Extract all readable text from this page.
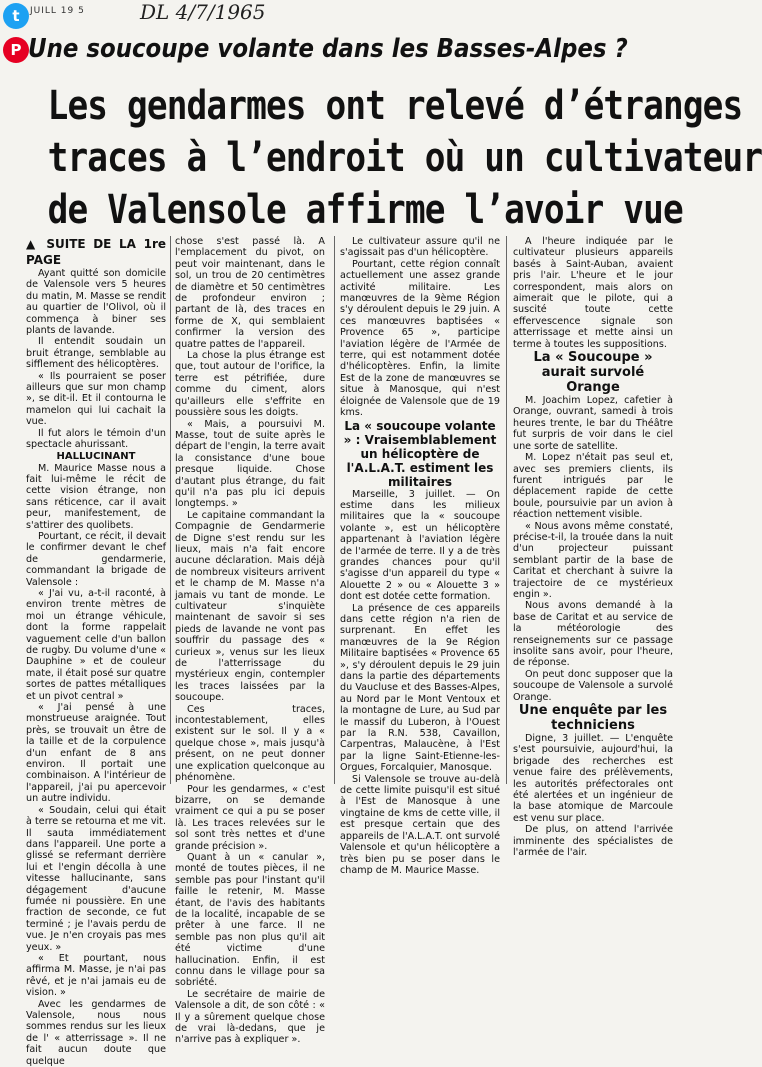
t
P
JUILL 19 5	DL 4/7/1965
Une soucoupe volante dans les Basses-Alpes ?
Les gendarmes ont relevé d’étranges
traces à l’endroit où un cultivateur
de Valensole affirme l’avoir vue

▲ SUITE DE LA 1re PAGE

Ayant quitté son domicile de Valensole vers 5 heures du matin, M. Masse se rendit au quartier de l'Olivol, où il commença à biner ses plants de lavande.

Il entendit soudain un bruit étrange, semblable au sifflement des hélicoptères.

« Ils pourraient se poser ailleurs que sur mon champ », se dit-il. Et il contourna le mamelon qui lui cachait la vue.

Il fut alors le témoin d'un spectacle ahurissant.

HALLUCINANT

M. Maurice Masse nous a fait lui-même le récit de cette vision étrange, non sans réticence, car il avait peur, manifestement, de s'attirer des quolibets.

Pourtant, ce récit, il devait le confirmer devant le chef de gendarmerie, commandant la brigade de Valensole :

« J'ai vu, a-t-il raconté, à environ trente mètres de moi un étrange véhicule, dont la forme rappelait vaguement celle d'un ballon de rugby. Du volume d'une « Dauphine » et de couleur mate, il était posé sur quatre sortes de pattes métalliques et un pivot central »

« J'ai pensé à une monstrueuse araignée. Tout près, se trouvait un être de la taille et de la corpulence d'un enfant de 8 ans environ. Il portait une combinaison. A l'intérieur de l'appareil, j'ai pu apercevoir un autre individu.

« Soudain, celui qui était à terre se retourna et me vit. Il sauta immédiatement dans l'appareil. Une porte a glissé se refermant derrière lui et l'engin décolla à une vitesse hallucinante, sans dégagement d'aucune fumée ni poussière. En une fraction de seconde, ce fut terminé ; je l'avais perdu de vue. Je n'en croyais pas mes yeux. »

« Et pourtant, nous affirma M. Masse, je n'ai pas rêvé, et je n'ai jamais eu de vision. »

Avec les gendarmes de Valensole, nous nous sommes rendus sur les lieux de l' « atterrissage ». Il ne fait aucun doute que quelque

chose s'est passé là. A l'emplacement du pivot, on peut voir maintenant, dans le sol, un trou de 20 centimètres de diamètre et 50 centimètres de profondeur environ ; partant de là, des traces en forme de X, qui semblaient confirmer la version des quatre pattes de l'appareil.

La chose la plus étrange est que, tout autour de l'orifice, la terre est pétrifiée, dure comme du ciment, alors qu'ailleurs elle s'effrite en poussière sous les doigts.

« Mais, a poursuivi M. Masse, tout de suite après le départ de l'engin, la terre avait la consistance d'une boue presque liquide. Chose d'autant plus étrange, du fait qu'il n'a pas plu ici depuis longtemps. »

Le capitaine commandant la Compagnie de Gendarmerie de Digne s'est rendu sur les lieux, mais n'a fait encore aucune déclaration. Mais déjà de nombreux visiteurs arrivent et le champ de M. Masse n'a jamais vu tant de monde. Le cultivateur s'inquiète maintenant de savoir si ses pieds de lavande ne vont pas souffrir du passage des « curieux », venus sur les lieux de l'atterrissage du mystérieux engin, contempler les traces laissées par la soucoupe.

Ces traces, incontestablement, elles existent sur le sol. Il y a « quelque chose », mais jusqu'à présent, on ne peut donner une explication quelconque au phénomène.

Pour les gendarmes, « c'est bizarre, on se demande vraiment ce qui a pu se poser là. Les traces relevées sur le sol sont très nettes et d'une grande précision ».

Quant à un « canular », monté de toutes pièces, il ne semble pas pour l'instant qu'il faille le retenir, M. Masse étant, de l'avis des habitants de la localité, incapable de se prêter à une farce. Il ne semble pas non plus qu'il ait été victime d'une hallucination. Enfin, il est connu dans le village pour sa sobriété.

Le secrétaire de mairie de Valensole a dit, de son côté : « Il y a sûrement quelque chose de vrai là-dedans, que je n'arrive pas à expliquer ».

Le cultivateur assure qu'il ne s'agissait pas d'un hélicoptère.

Pourtant, cette région connaît actuellement une assez grande activité militaire. Les manœuvres de la 9ème Région s'y déroulent depuis le 29 juin. A ces manœuvres baptisées « Provence 65 », participe l'aviation légère de l'Armée de terre, qui est notamment dotée d'hélicoptères. Enfin, la limite Est de la zone de manœuvres se situe à Manosque, qui n'est éloignée de Valensole que de 19 kms.

La « soucoupe volante » : Vraisemblablement un hélicoptère de l'A.L.A.T. estiment les militaires

Marseille, 3 juillet. — On estime dans les milieux militaires que la « soucoupe volante », est un hélicoptère appartenant à l'aviation légère de l'armée de terre. Il y a de très grandes chances pour qu'il s'agisse d'un appareil du type « Alouette 2 » ou « Alouette 3 » dont est dotée cette formation.

La présence de ces appareils dans cette région n'a rien de surprenant. En effet les manœuvres de la 9e Région Militaire baptisées « Provence 65 », s'y déroulent depuis le 29 juin dans la partie des départements du Vaucluse et des Basses-Alpes, au Nord par le Mont Ventoux et la montagne de Lure, au Sud par le massif du Luberon, à l'Ouest par la R.N. 538, Cavaillon, Carpentras, Malaucène, à l'Est par la ligne Saint-Etienne-les-Orgues, Forcalquier, Manosque.

Si Valensole se trouve au-delà de cette limite puisqu'il est situé à l'Est de Manosque à une vingtaine de kms de cette ville, il est presque certain que des appareils de l'A.L.A.T. ont survolé Valensole et qu'un hélicoptère a très bien pu se poser dans le champ de M. Maurice Masse.

A l'heure indiquée par le cultivateur plusieurs appareils basés à Saint-Auban, avaient pris l'air. L'heure et le jour correspondent, mais alors on aimerait que le pilote, qui a suscité toute cette effervescence signale son atterrissage et mette ainsi un terme à toutes les suppositions.

La « Soucoupe » aurait survolé Orange

M. Joachim Lopez, cafetier à Orange, ouvrant, samedi à trois heures trente, le bar du Théâtre fut surpris de voir dans le ciel une sorte de satellite.

M. Lopez n'était pas seul et, avec ses premiers clients, ils furent intrigués par le déplacement rapide de cette boule, poursuivie par un avion à réaction nettement visible.

« Nous avons même constaté, précise-t-il, la trouée dans la nuit d'un projecteur puissant semblant partir de la base de Caritat et cherchant à suivre la trajectoire de ce mystérieux engin ».

Nous avons demandé à la base de Caritat et au service de la météorologie des renseignements sur ce passage insolite sans avoir, pour l'heure, de réponse.

On peut donc supposer que la soucoupe de Valensole a survolé Orange.

Une enquête par les techniciens

Digne, 3 juillet. — L'enquête s'est poursuivie, aujourd'hui, la brigade des recherches est venue faire des prélèvements, les autorités préfectorales ont été alertées et un ingénieur de la base atomique de Marcoule est venu sur place.

De plus, on attend l'arrivée imminente des spécialistes de l'armée de l'air.
